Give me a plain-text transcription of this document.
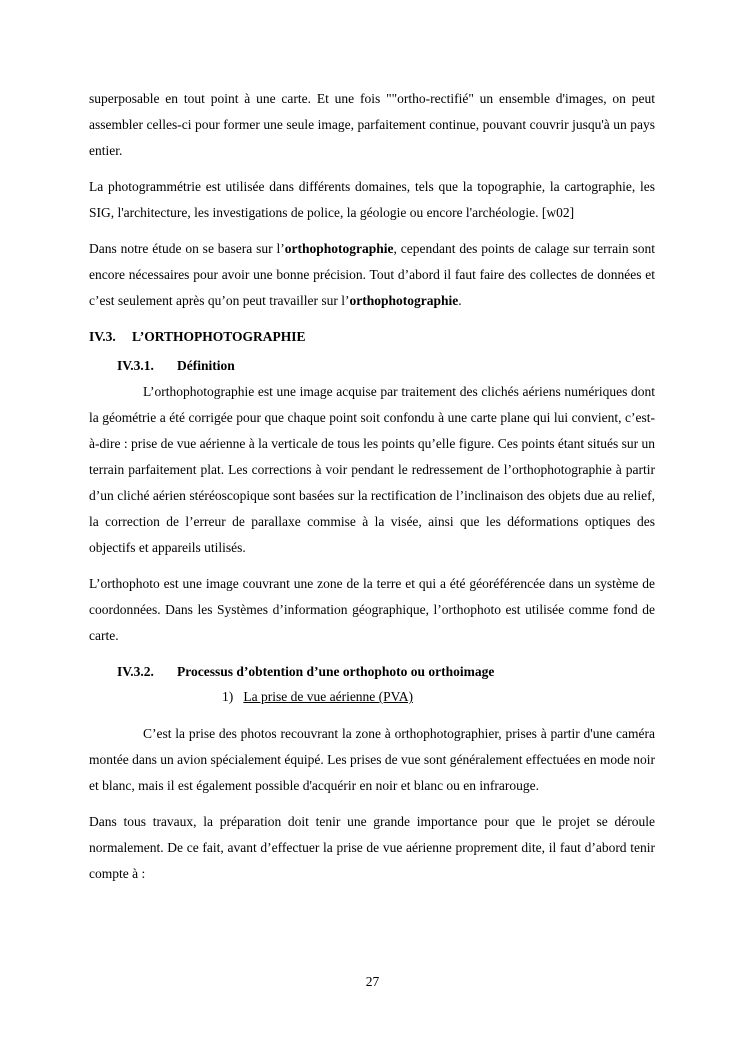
superposable en tout point à une carte. Et une fois ""ortho-rectifié" un ensemble d'images, on peut assembler celles-ci pour former une seule image, parfaitement continue, pouvant couvrir jusqu'à un pays entier.

La photogrammétrie est utilisée dans différents domaines, tels que la topographie, la cartographie, les SIG, l'architecture, les investigations de police, la géologie ou encore l'archéologie. [w02]

Dans notre étude on se basera sur l’orthophotographie, cependant des points de calage sur terrain sont encore nécessaires pour avoir une bonne précision. Tout d’abord il faut faire des collectes de données et c’est seulement après qu’on peut travailler sur l’orthophotographie.

IV.3. L’ORTHOPHOTOGRAPHIE
IV.3.1. Définition

L’orthophotographie est une image acquise par traitement des clichés aériens numériques dont la géométrie a été corrigée pour que chaque point soit confondu à une carte plane qui lui convient, c’est-à-dire : prise de vue aérienne à la verticale de tous les points qu’elle figure. Ces points étant situés sur un terrain parfaitement plat. Les corrections à voir pendant le redressement de l’orthophotographie à partir d’un cliché aérien stéréoscopique sont basées sur la rectification de l’inclinaison des objets due au relief, la correction de l’erreur de parallaxe commise à la visée, ainsi que les déformations optiques des objectifs et appareils utilisés.

L’orthophoto est une image couvrant une zone de la terre et qui a été géoréférencée dans un système de coordonnées. Dans les Systèmes d’information géographique, l’orthophoto est utilisée comme fond de carte.

IV.3.2. Processus d’obtention d’une orthophoto ou orthoimage
1) La prise de vue aérienne (PVA)

C’est la prise des photos recouvrant la zone à orthophotographier, prises à partir d'une caméra montée dans un avion spécialement équipé. Les prises de vue sont généralement effectuées en mode noir et blanc, mais il est également possible d'acquérir en noir et blanc ou en infrarouge.

Dans tous travaux, la préparation doit tenir une grande importance pour que le projet se déroule normalement. De ce fait, avant d’effectuer la prise de vue aérienne proprement dite, il faut d’abord tenir compte à :

27
